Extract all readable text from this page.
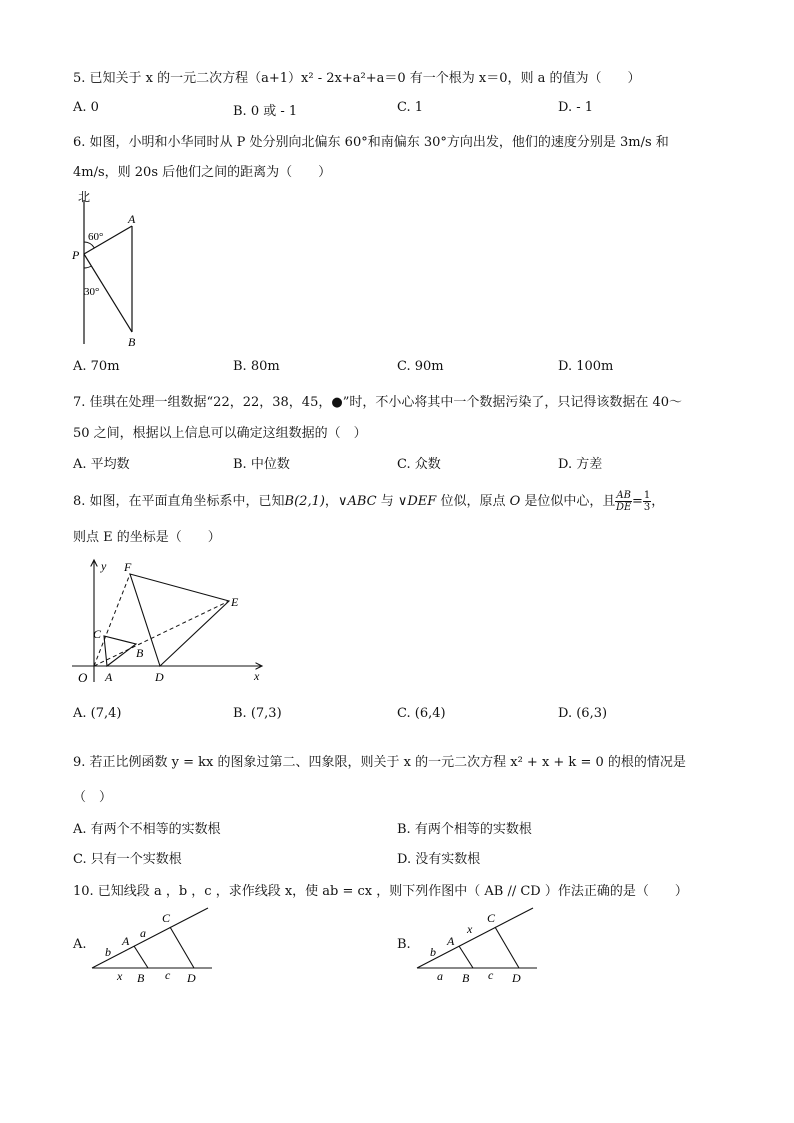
5. 已知关于 x 的一元二次方程（a+1）x² - 2x+a²+a＝0 有一个根为 x＝0，则 a 的值为（　　）
A. 0	B. 0 或 - 1	C. 1	D. - 1
6. 如图，小明和小华同时从 P 处分别向北偏东 60°和南偏东 30°方向出发，他们的速度分别是 3m/s 和
4m/s，则 20s 后他们之间的距离为（　　）
北
P
A
B
60°
30°
A. 70m	B. 80m	C. 90m	D. 100m
7. 佳琪在处理一组数据“22，22，38，45，●”时，不小心将其中一个数据污染了，只记得该数据在 40～
50 之间，根据以上信息可以确定这组数据的（　）
A. 平均数	B. 中位数	C. 众数	D. 方差
8. 如图，在平面直角坐标系中，已知B(2,1)，∨ABC 与 ∨DEF 位似，原点 O 是位似中心，且 $\frac{AB}{DE} = \frac{1}{3}$ ，
则点 E 的坐标是（　　）
y
x
O A
B
C
D
E
F
A. (7,4)	B. (7,3)	C. (6,4)	D. (6,3)
9. 若正比例函数 y = kx 的图象过第二、四象限，则关于 x 的一元二次方程 x² + x + k = 0 的根的情况是
（　）
A. 有两个不相等的实数根	B. 有两个相等的实数根
C. 只有一个实数根	D. 没有实数根
10. 已知线段 a ，b ，c ，求作线段 x，使 ab = cx ，则下列作图中（ AB // CD ）作法正确的是（　　）
A. b
a
A
C
x B c D
B. b
x
A
C
a B c D
